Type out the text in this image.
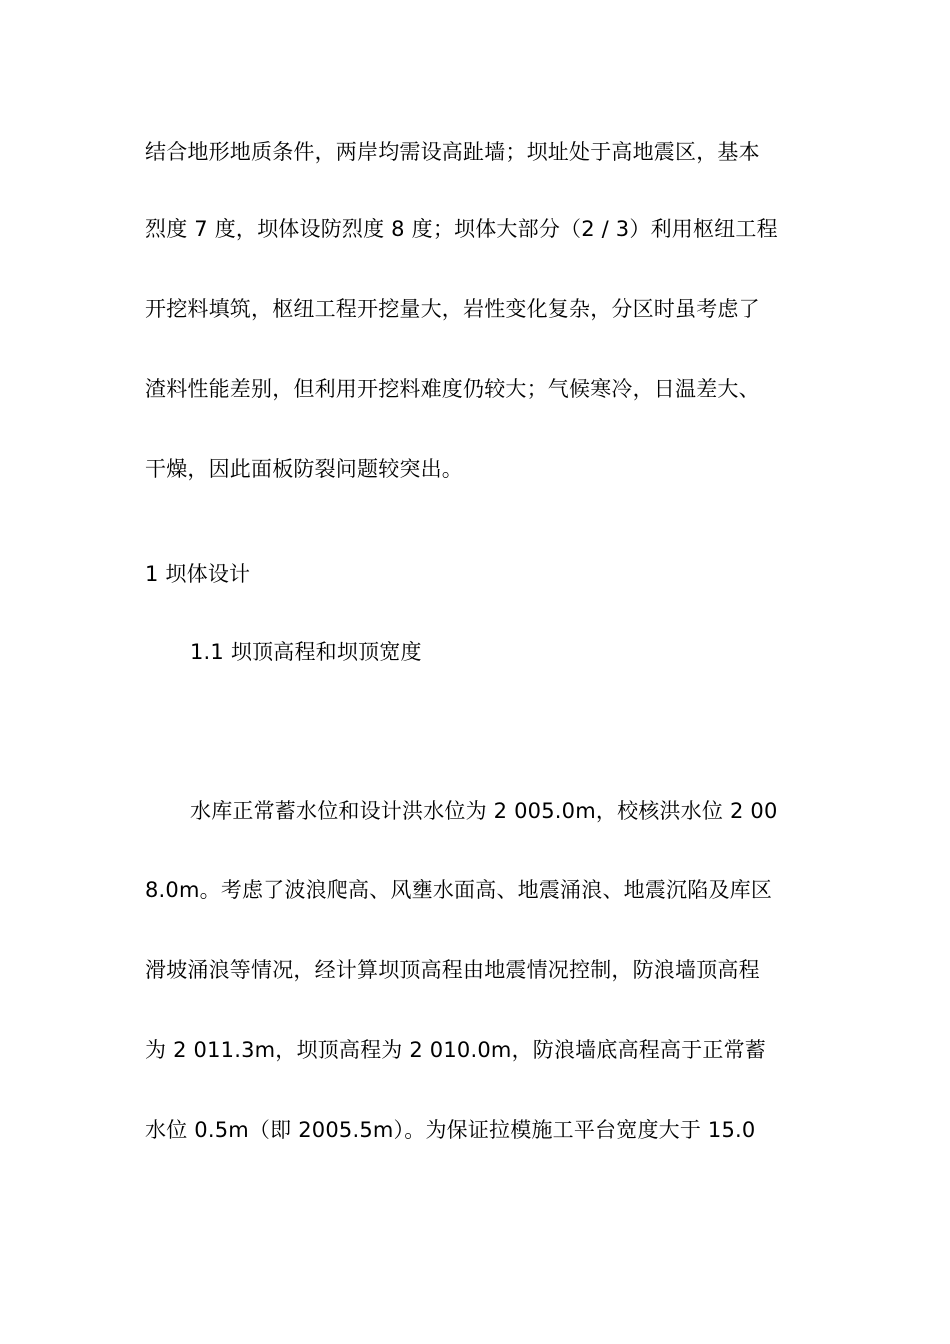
结合地形地质条件，两岸均需设高趾墙；坝址处于高地震区，基本
烈度 7 度，坝体设防烈度 8 度；坝体大部分（2 / 3）利用枢纽工程
开挖料填筑，枢纽工程开挖量大，岩性变化复杂，分区时虽考虑了
渣料性能差别，但利用开挖料难度仍较大；气候寒冷，日温差大、
干燥，因此面板防裂问题较突出。
1 坝体设计
1.1 坝顶高程和坝顶宽度
水库正常蓄水位和设计洪水位为 2 005.0m，校核洪水位 2 00
8.0m。考虑了波浪爬高、风壅水面高、地震涌浪、地震沉陷及库区
滑坡涌浪等情况，经计算坝顶高程由地震情况控制，防浪墙顶高程
为 2 011.3m，坝顶高程为 2 010.0m，防浪墙底高程高于正常蓄
水位 0.5m（即 2005.5m）。为保证拉模施工平台宽度大于 15.0
